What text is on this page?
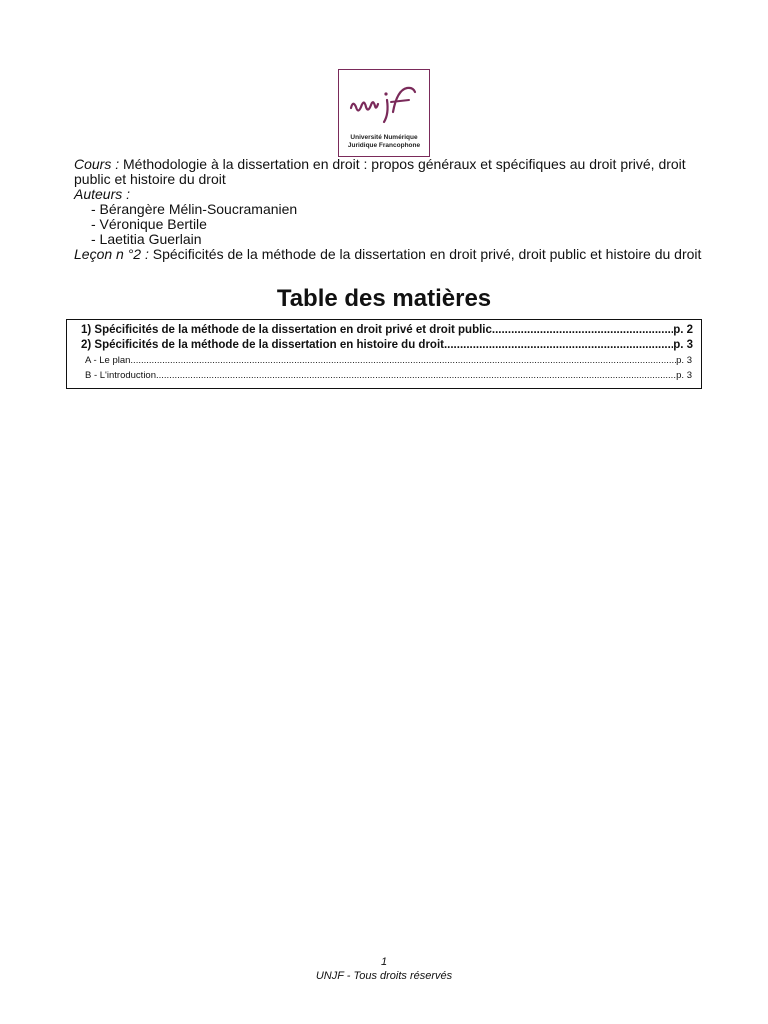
Université Numérique
Juridique Francophone

Cours : Méthodologie à la dissertation en droit : propos généraux et spécifiques au droit privé, droit public et histoire du droit

Auteurs :

- Bérangère Mélin-Soucramanien

- Véronique Bertile

- Laetitia Guerlain

Leçon n °2 : Spécificités de la méthode de la dissertation en droit privé, droit public et histoire du droit

Table des matières
1) Spécificités de la méthode de la dissertation en droit privé et droit public .....	p. 2
2) Spécificités de la méthode de la dissertation en histoire du droit .....	p. 3
A - Le plan .....	p. 3
B - L'introduction .....	p. 3
1
UNJF - Tous droits réservés
